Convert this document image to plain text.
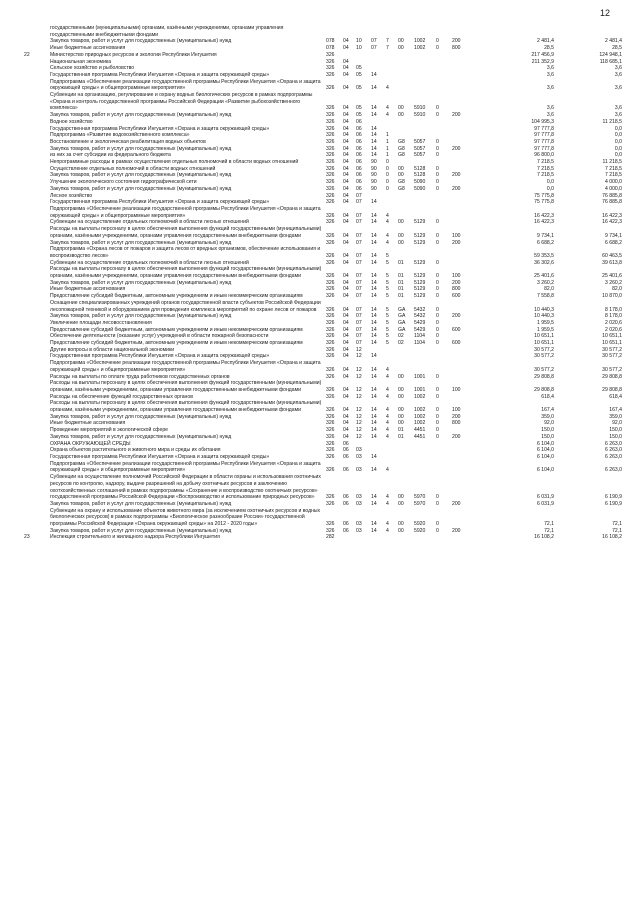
12
государственными (муниципальными) органами, казёнными учреждениями, органами управления государственными внебюджетными фондами
Закупка товаров, работ и услуг для государственных (муниципальных) нужд	078 04 10 07 7 00 1002 0	200	2 481,4	2 481,4
Иные бюджетные ассигнования	078 04 10 07 7 00 1002 0	800	28,5	28,5
22	Министерство природных ресурсов и экологии Республики Ингушетия	326	217 456,9	124 948,1
Национальная экономика	326 04	211 352,9	118 685,1
Сельское хозяйство и рыболовство	326 04 05	3,6	3,6
Государственная программа Республики Ингушетия «Охрана и защита окружающей среды»	326 04 05 14	3,6	3,6
Подпрограмма «Обеспечение реализации государственной программы Республики Ингушетия «Охрана и защита окружающей среды» и общепрограммные мероприятия»	326 04 05 14 4	3,6	3,6
Субвенции на организацию, регулирование и охрану водных биологических ресурсов в рамках подпрограммы «Охрана и контроль государственной программы Российской Федерации «Развитие рыбохозяйственного комплекса»	326 04 05 14 4 00 5910 0	3,6	3,6
Закупка товаров, работ и услуг для государственных (муниципальных) нужд	326 04 05 14 4 00 5910 0	200	3,6	3,6
Водное хозяйство	326 04 06	104 995,3	11 218,5
Государственная программа Республики Ингушетия «Охрана и защита окружающей среды»	326 04 06 14	97 777,8	0,0
Подпрограмма «Развитие водохозяйственного комплекса»	326 04 06 14 1	97 777,8	0,0
Восстановление и экологическая реабилитация водных объектов	326 04 06 14 1 G8 5057 0	97 777,8	0,0
Закупка товаров, работ и услуг для государственных (муниципальных) нужд	326 04 06 14 1 G8 5057 0	200	97 777,8	0,0
из них за счет субсидии из федерального бюджета	326 04 06 14 1 G8 5057 0	96 800,0	0,0
Непрограммные расходы в рамках осуществления отдельных полномочий в области водных отношений	326 04 06 90 0	7 218,5	11 218,5
Осуществление отдельных полномочий в области водных отношений	326 04 06 90 0 00 5128 0	7 218,5	7 218,5
Закупка товаров, работ и услуг для государственных (муниципальных) нужд	326 04 06 90 0 00 5128 0	200	7 218,5	7 218,5
Улучшение экологического состояния гидрографической сети	326 04 06 90 0 G8 5090 0	0,0	4 000,0
Закупка товаров, работ и услуг для государственных (муниципальных) нужд	326 04 06 90 0 G8 5090 0	200	0,0	4 000,0
Лесное хозяйство	326 04 07	75 775,8	76 885,8
Государственная программа Республики Ингушетия «Охрана и защита окружающей среды»	326 04 07 14	75 775,8	76 885,8
Подпрограмма «Обеспечение реализации государственной программы Республики Ингушетия «Охрана и защита окружающей среды» и общепрограммные мероприятия»	326 04 07 14 4	16 422,3	16 422,3
Субвенции на осуществление отдельных полномочий в области лесных отношений	326 04 07 14 4 00 5129 0	16 422,3	16 422,3
Расходы на выплаты персоналу в целях обеспечения выполнения функций государственными (муниципальными) органами, казёнными учреждениями, органами управления государственными внебюджетными фондами	326 04 07 14 4 00 5129 0	100	9 734,1	9 734,1
Закупка товаров, работ и услуг для государственных (муниципальных) нужд	326 04 07 14 4 00 5129 0	200	6 688,2	6 688,2
Подпрограмма «Охрана лесов от пожаров и защита лесов от вредных организмов, обеспечение использования и воспроизводство лесов»	326 04 07 14 5	59 353,5	60 463,5
Субвенции на осуществление отдельных полномочий в области лесных отношений	326 04 07 14 5 01 5129 0	36 302,6	39 613,8
Расходы на выплаты персоналу в целях обеспечения выполнения функций государственными (муниципальными) органами, казёнными учреждениями, органами управления государственными внебюджетными фондами	326 04 07 14 5 01 5129 0	100	25 401,6	25 401,6
Закупка товаров, работ и услуг для государственных (муниципальных) нужд	326 04 07 14 5 01 5129 0	200	3 260,2	3 260,2
Иные бюджетные ассигнования	326 04 07 14 5 01 5129 0	800	82,0	82,0
Предоставление субсидий бюджетным, автономным учреждениям и иным некоммерческим организациям	326 04 07 14 5 01 5129 0	600	7 558,8	10 870,0
Оснащение специализированных учреждений органов государственной власти субъектов Российской Федерации лесопожарной техникой и оборудованием для проведения комплекса мероприятий по охране лесов от пожаров	326 04 07 14 5 GA 5432 0	10 440,3	8 178,0
Закупка товаров, работ и услуг для государственных (муниципальных) нужд	326 04 07 14 5 GA 5432 0	200	10 440,3	8 178,0
Увеличение площади лесовосстановления	326 04 07 14 5 GA 5429 0	1 959,5	2 020,6
Предоставление субсидий бюджетным, автономным учреждениям и иным некоммерческим организациям	326 04 07 14 5 GA 5429 0	600	1 959,5	2 020,6
Обеспечение деятельности (оказание услуг) учреждений в области пожарной безопасности	326 04 07 14 5 02 1104 0	10 651,1	10 651,1
Предоставление субсидий бюджетным, автономным учреждениям и иным некоммерческим организациям	326 04 07 14 5 02 1104 0	600	10 651,1	10 651,1
Другие вопросы в области национальной экономики	326 04 12	30 577,2	30 577,2
Государственная программа Республики Ингушетия «Охрана и защита окружающей среды»	326 04 12 14	30 577,2	30 577,2
Подпрограмма «Обеспечение реализации государственной программы Республики Ингушетия «Охрана и защита окружающей среды» и общепрограммные мероприятия»	326 04 12 14 4	30 577,2	30 577,2
Расходы на выплаты по оплате труда работников государственных органов	326 04 12 14 4 00 1001 0	29 808,8	29 808,8
Расходы на выплаты персоналу в целях обеспечения выполнения функций государственными (муниципальными) органами, казёнными учреждениями, органами управления государственными внебюджетными фондами	326 04 12 14 4 00 1001 0	100	29 808,8	29 808,8
Расходы на обеспечение функций государственных органов	326 04 12 14 4 00 1002 0	618,4	618,4
Расходы на выплаты персоналу в целях обеспечения выполнения функций государственными (муниципальными) органами, казёнными учреждениями, органами управления государственными внебюджетными фондами	326 04 12 14 4 00 1002 0	100	167,4	167,4
Закупка товаров, работ и услуг для государственных (муниципальных) нужд	326 04 12 14 4 00 1002 0	200	359,0	359,0
Иные бюджетные ассигнования	326 04 12 14 4 00 1002 0	800	92,0	92,0
Проведение мероприятий в экологической сфере	326 04 12 14 4 01 4451 0	150,0	150,0
Закупка товаров, работ и услуг для государственных (муниципальных) нужд	326 04 12 14 4 01 4451 0	200	150,0	150,0
ОХРАНА ОКРУЖАЮЩЕЙ СРЕДЫ	326 06	6 104,0	6 263,0
Охрана объектов растительного и животного мира и среды их обитания	326 06 03	6 104,0	6 263,0
Государственная программа Республики Ингушетия «Охрана и защита окружающей среды»	326 06 03 14	6 104,0	6 263,0
Подпрограмма «Обеспечение реализации государственной программы Республики Ингушетия «Охрана и защита окружающей среды» и общепрограммные мероприятия»	326 06 03 14 4	6 104,0	6 263,0
Субвенции на осуществление полномочий Российской Федерации в области охраны и использования охотничьих ресурсов по контролю, надзору, выдаче разрешений на добычу охотничьих ресурсов и заключению охотхозяйственных соглашений в рамках подпрограммы «Сохранение и воспроизводство охотничьих ресурсов» государственной программы Российской Федерации «Воспроизводство и использование природных ресурсов»	326 06 03 14 4 00 5970 0	6 031,9	6 190,9
Закупка товаров, работ и услуг для государственных (муниципальных) нужд	326 06 03 14 4 00 5970 0	200	6 031,9	6 190,9
Субвенции на охрану и использование объектов животного мира (за исключением охотничьих ресурсов и водных биологических ресурсов) в рамках подпрограммы «Биологическое разнообразие России» государственной программы Российской Федерации «Охрана окружающей среды» на 2012 - 2020 годы»	326 06 03 14 4 00 5920 0	72,1	72,1
Закупка товаров, работ и услуг для государственных (муниципальных) нужд	326 06 03 14 4 00 5920 0	200	72,1	72,1
23	Инспекция строительного и жилищного надзора Республики Ингушетия	282	16 108,2	16 108,2
